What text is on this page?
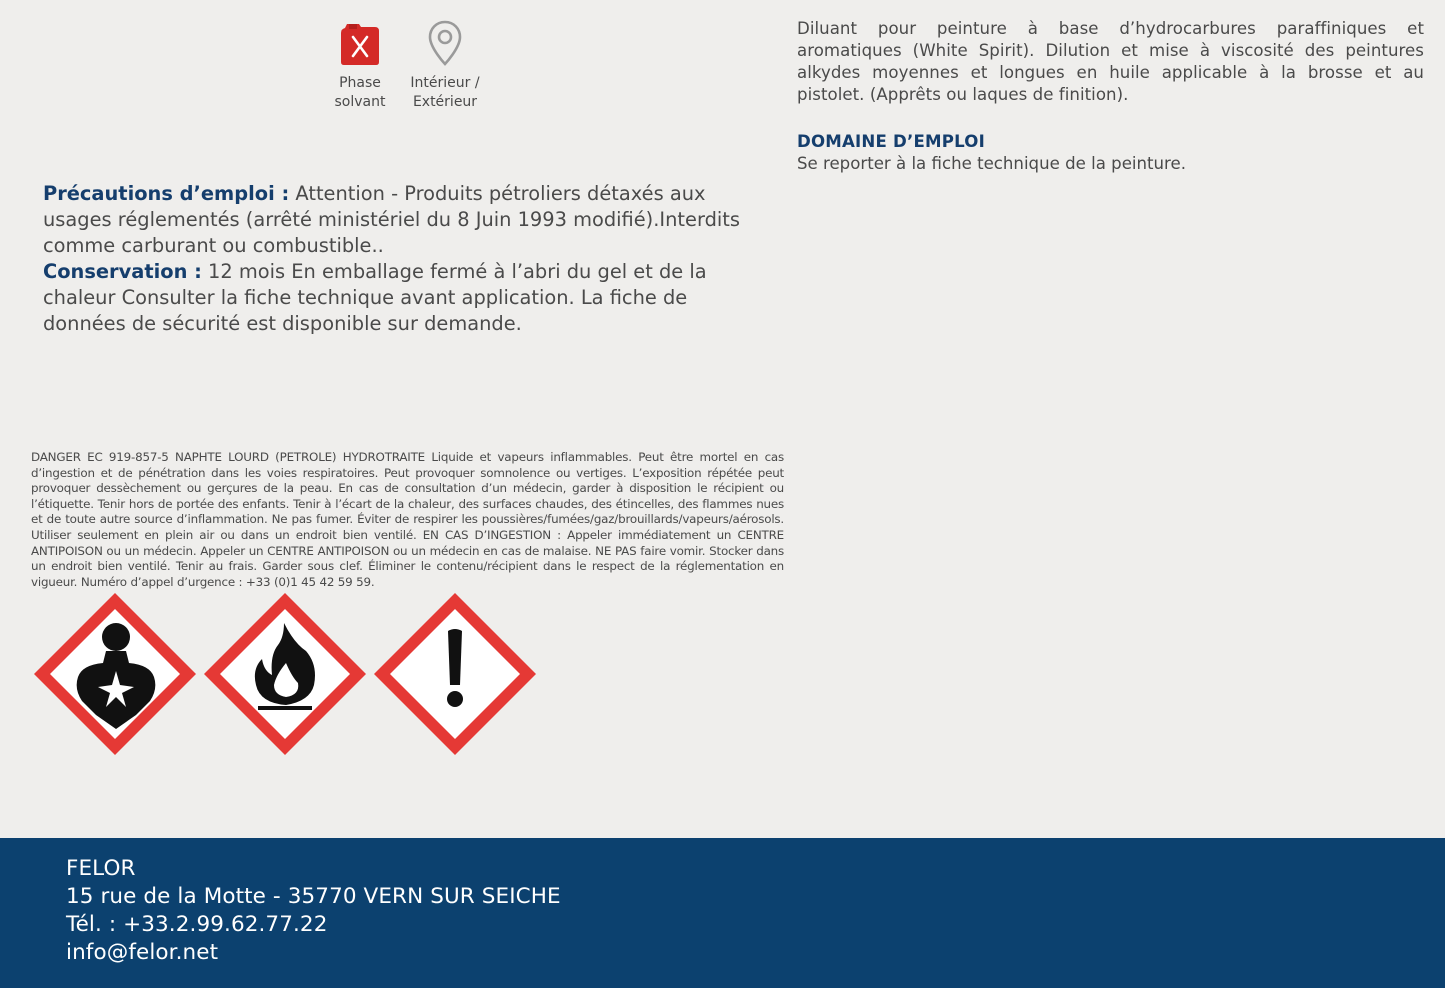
Phase
solvant
Intérieur /
Extérieur

Diluant pour peinture à base d’hydrocarbures paraffiniques et aromatiques (White Spirit). Dilution et mise à viscosité des peintures alkydes moyennes et longues en huile applicable à la brosse et au pistolet. (Apprêts ou laques de finition).

DOMAINE D’EMPLOI

Se reporter à la fiche technique de la peinture.

Précautions d’emploi : Attention - Produits pétroliers détaxés aux usages réglementés (arrêté ministériel du 8 Juin 1993 modifié).Interdits comme carburant ou combustible..
Conservation : 12 mois En emballage fermé à l’abri du gel et de la chaleur Consulter la fiche technique avant application. La fiche de données de sécurité est disponible sur demande.

DANGER EC 919-857-5 NAPHTE LOURD (PETROLE) HYDROTRAITE Liquide et vapeurs inflammables. Peut être mortel en cas d’ingestion et de pénétration dans les voies respiratoires. Peut provoquer somnolence ou vertiges. L’exposition répétée peut provoquer dessèchement ou gerçures de la peau. En cas de consultation d’un médecin, garder à disposition le récipient ou l’étiquette. Tenir hors de portée des enfants. Tenir à l’écart de la chaleur, des surfaces chaudes, des étincelles, des flammes nues et de toute autre source d’inflammation. Ne pas fumer. Éviter de respirer les poussières/fumées/gaz/brouillards/vapeurs/aérosols. Utiliser seulement en plein air ou dans un endroit bien ventilé. EN CAS D’INGESTION : Appeler immédiatement un CENTRE ANTIPOISON ou un médecin. Appeler un CENTRE ANTIPOISON ou un médecin en cas de malaise. NE PAS faire vomir. Stocker dans un endroit bien ventilé. Tenir au frais. Garder sous clef. Éliminer le contenu/récipient dans le respect de la réglementation en vigueur. Numéro d’appel d’urgence : +33 (0)1 45 42 59 59.

FELOR

15 rue de la Motte - 35770 VERN SUR SEICHE

Tél. : +33.2.99.62.77.22

info@felor.net
